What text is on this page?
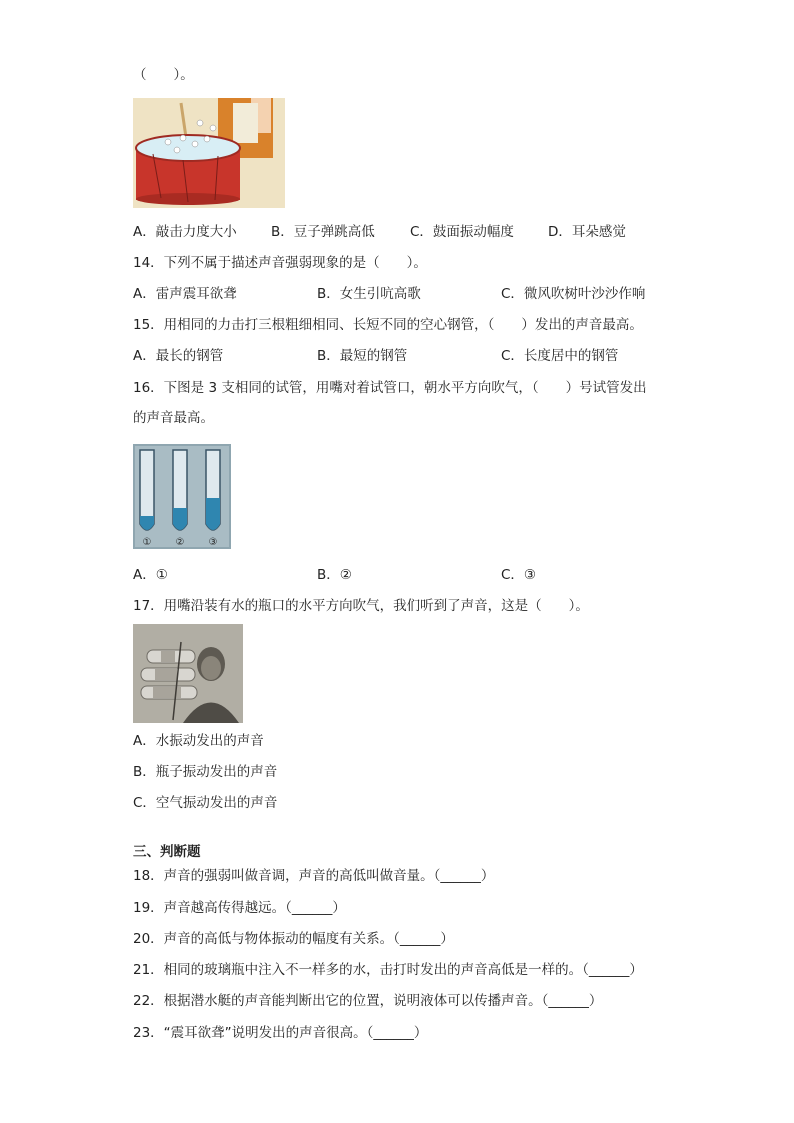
（　　）。
A．敲击力度大小	B．豆子弹跳高低	C．鼓面振动幅度	D．耳朵感觉
14．下列不属于描述声音强弱现象的是（　　）。
A．雷声震耳欲聋	B．女生引吭高歌	C．微风吹树叶沙沙作响
15．用相同的力击打三根粗细相同、长短不同的空心钢管，（　　）发出的声音最高。
A．最长的钢管	B．最短的钢管	C．长度居中的钢管
16．下图是 3 支相同的试管，用嘴对着试管口，朝水平方向吹气，（　　）号试管发出
的声音最高。
① ② ③
A．①	B．②	C．③
17．用嘴沿装有水的瓶口的水平方向吹气，我们听到了声音，这是（　　）。
A．水振动发出的声音
B．瓶子振动发出的声音
C．空气振动发出的声音
三、判断题
18．声音的强弱叫做音调，声音的高低叫做音量。（______）
19．声音越高传得越远。（______）
20．声音的高低与物体振动的幅度有关系。（______）
21．相同的玻璃瓶中注入不一样多的水，击打时发出的声音高低是一样的。（______）
22．根据潜水艇的声音能判断出它的位置，说明液体可以传播声音。（______）
23．“震耳欲聋”说明发出的声音很高。（______）
